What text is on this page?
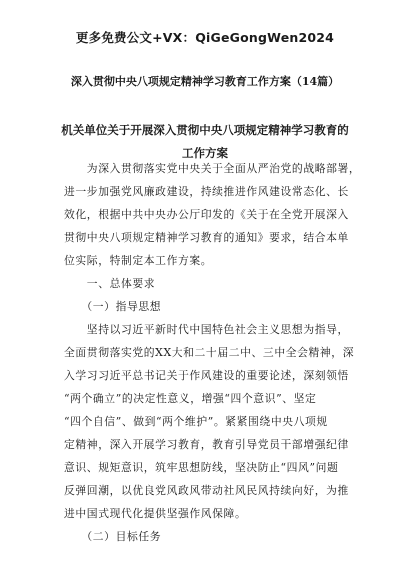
更多免费公文+VX：QiGeGongWen2024
深入贯彻中央八项规定精神学习教育工作方案（14篇）
机关单位关于开展深入贯彻中央八项规定精神学习教育的
工作方案
　　为深入贯彻落实党中央关于全面从严治党的战略部署，
进一步加强党风廉政建设，持续推进作风建设常态化、长
效化，根据中共中央办公厅印发的《关于在全党开展深入
贯彻中央八项规定精神学习教育的通知》要求，结合本单
位实际，特制定本工作方案。
　　一、总体要求
　　（一）指导思想
　　坚持以习近平新时代中国特色社会主义思想为指导，
全面贯彻落实党的XX大和二十届二中、三中全会精神，深
入学习习近平总书记关于作风建设的重要论述，深刻领悟
“两个确立”的决定性意义，增强“四个意识”、坚定
“四个自信”、做到“两个维护”。紧紧围绕中央八项规
定精神，深入开展学习教育，教育引导党员干部增强纪律
意识、规矩意识，筑牢思想防线，坚决防止“四风”问题
反弹回潮，以优良党风政风带动社风民风持续向好，为推
进中国式现代化提供坚强作风保障。
　　（二）目标任务
